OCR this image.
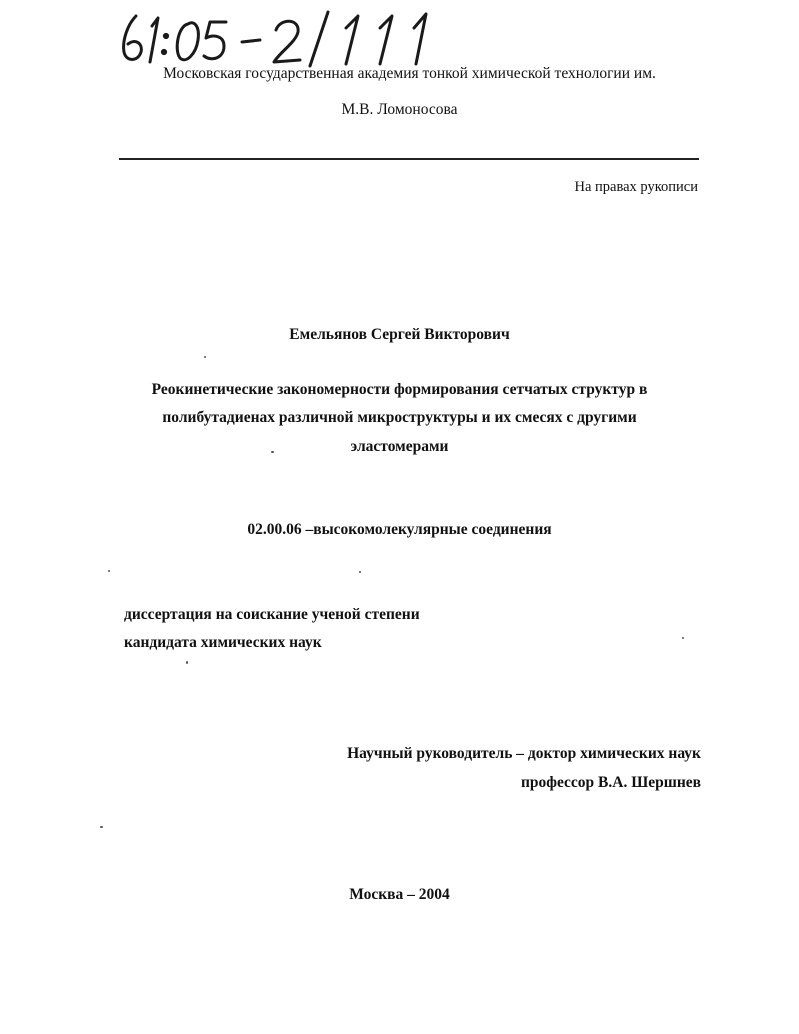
Московская государственная академия тонкой химической технологии им.
М.В. Ломоносова
На правах рукописи
Емельянов Сергей Викторович
Реокинетические закономерности формирования сетчатых структур в
полибутадиенах различной микроструктуры и их смесях с другими
эластомерами
02.00.06 –высокомолекулярные соединения
диссертация на соискание ученой степени
кандидата химических наук
Научный руководитель – доктор химических наук
профессор В.А. Шершнев
Москва – 2004
